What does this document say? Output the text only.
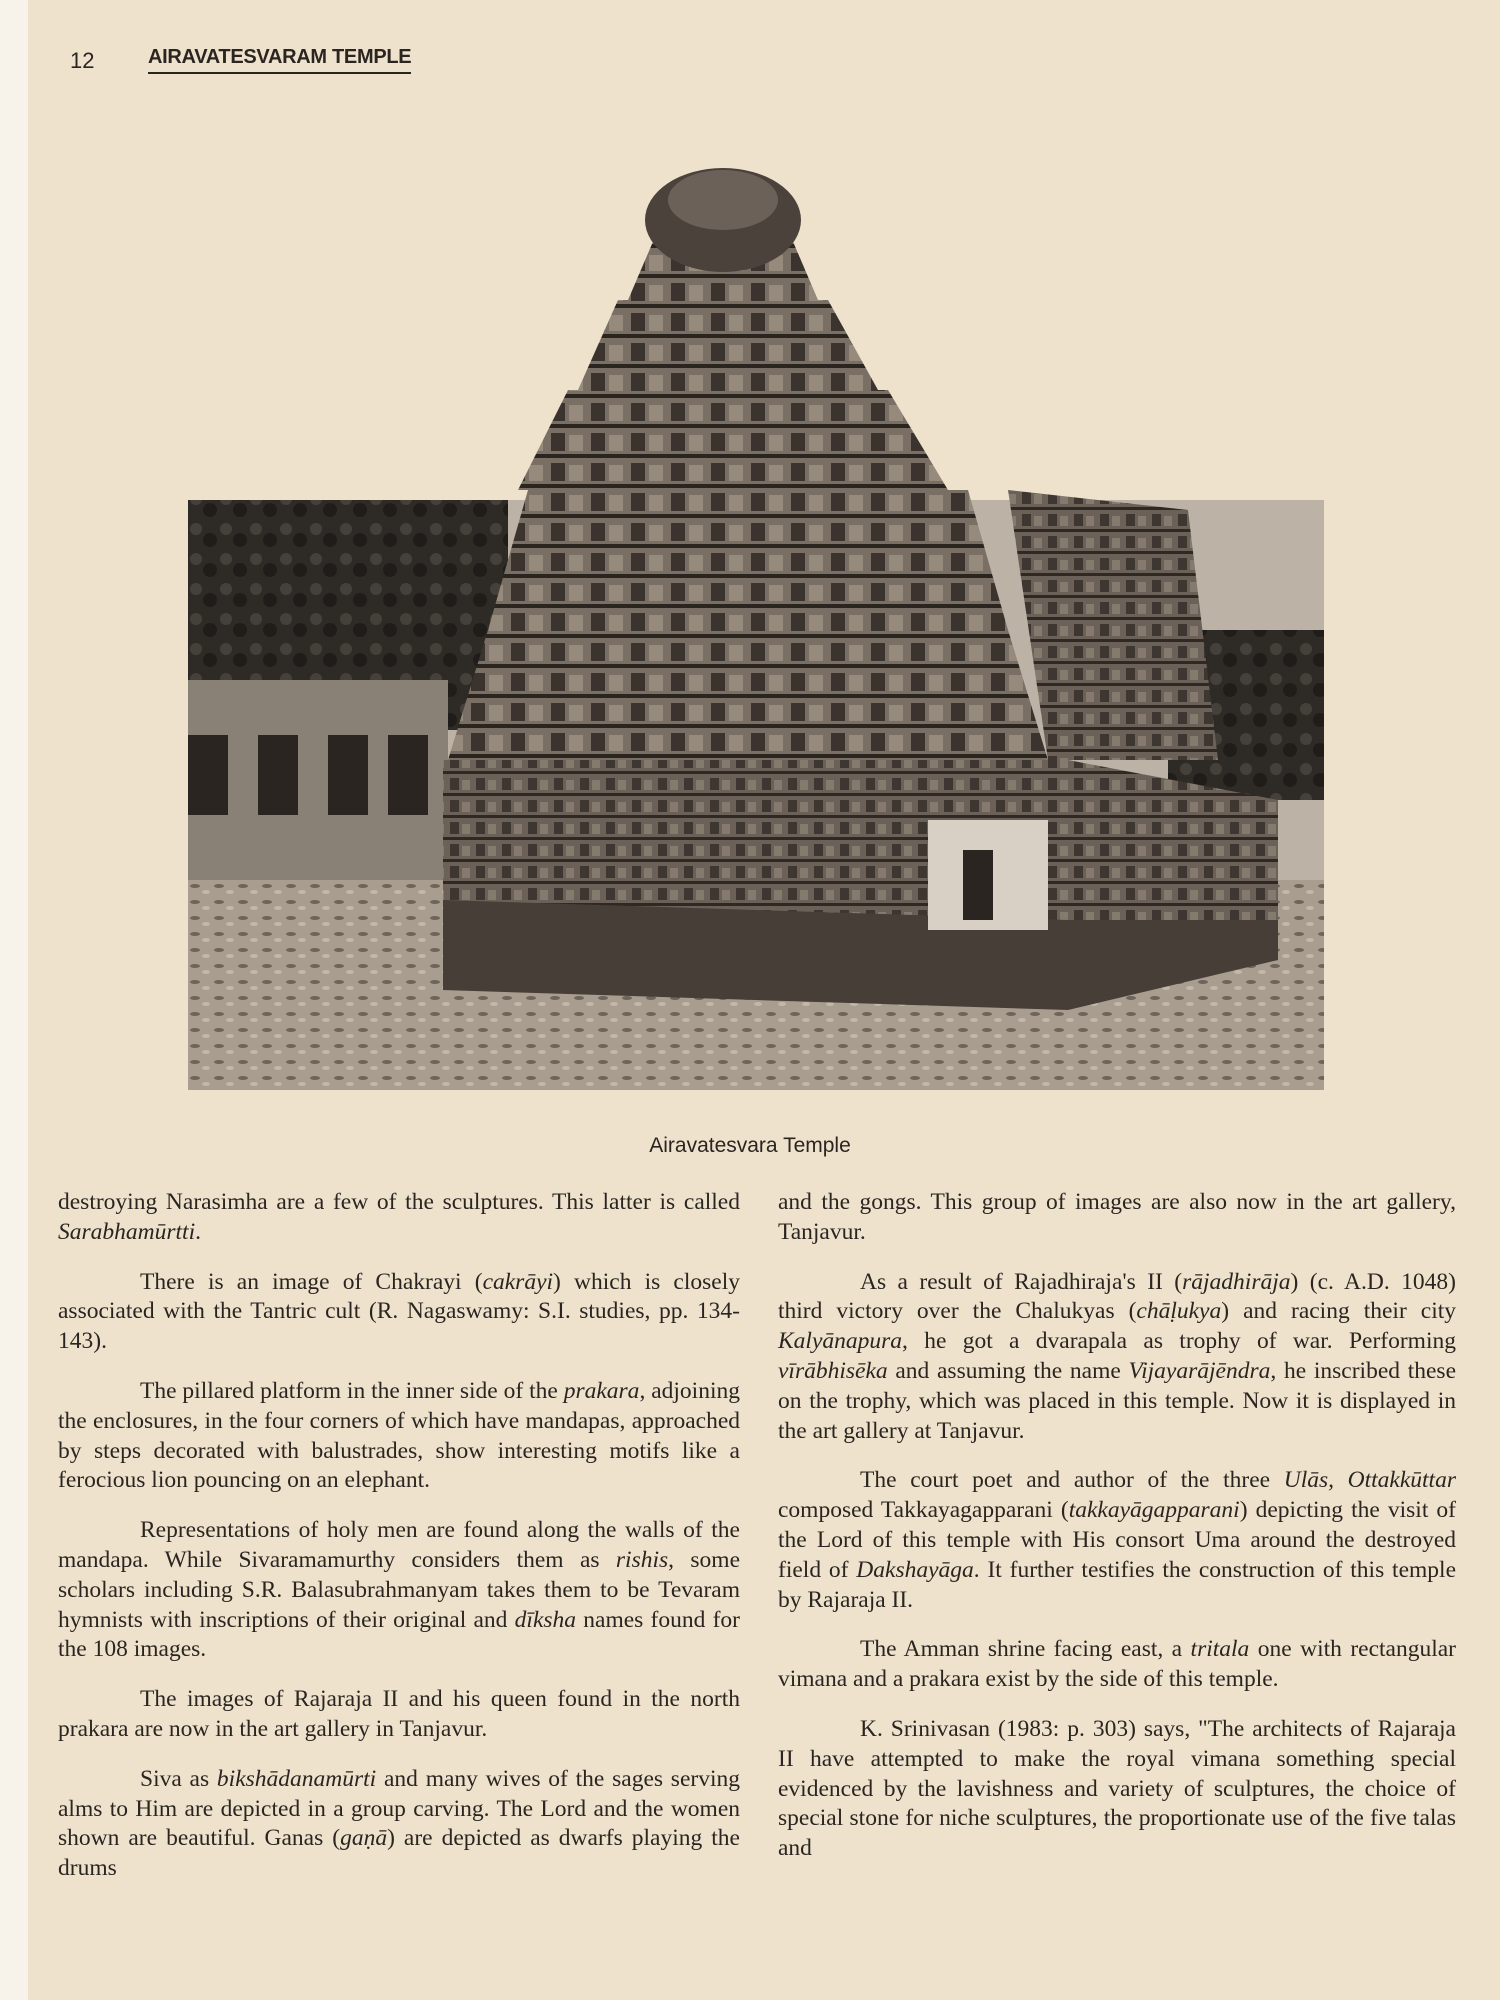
12	AIRAVATESVARAM TEMPLE
Airavatesvara Temple

destroying Narasimha are a few of the sculptures. This latter is called Sarabhamūrtti.

There is an image of Chakrayi (cakrāyi) which is closely associated with the Tantric cult (R. Nagaswamy: S.I. studies, pp. 134-143).

The pillared platform in the inner side of the prakara, adjoining the enclosures, in the four corners of which have mandapas, approached by steps decorated with balustrades, show interesting motifs like a ferocious lion pouncing on an elephant.

Representations of holy men are found along the walls of the mandapa. While Sivaramamurthy considers them as rishis, some scholars including S.R. Balasubrahmanyam takes them to be Tevaram hymnists with inscriptions of their original and dīksha names found for the 108 images.

The images of Rajaraja II and his queen found in the north prakara are now in the art gallery in Tanjavur.

Siva as bikshādanamūrti and many wives of the sages serving alms to Him are depicted in a group carving. The Lord and the women shown are beautiful. Ganas (gaṇā) are depicted as dwarfs playing the drums

and the gongs. This group of images are also now in the art gallery, Tanjavur.

As a result of Rajadhiraja's II (rājadhirāja) (c. A.D. 1048) third victory over the Chalukyas (chāḷukya) and racing their city Kalyānapura, he got a dvarapala as trophy of war. Performing vīrābhisēka and assuming the name Vijayarājēndra, he inscribed these on the trophy, which was placed in this temple. Now it is displayed in the art gallery at Tanjavur.

The court poet and author of the three Ulās, Ottakkūttar composed Takkayagapparani (takkayāgapparani) depicting the visit of the Lord of this temple with His consort Uma around the destroyed field of Dakshayāga. It further testifies the construction of this temple by Rajaraja II.

The Amman shrine facing east, a tritala one with rectangular vimana and a prakara exist by the side of this temple.

K. Srinivasan (1983: p. 303) says, "The architects of Rajaraja II have attempted to make the royal vimana something special evidenced by the lavishness and variety of sculptures, the choice of special stone for niche sculptures, the proportionate use of the five talas and
